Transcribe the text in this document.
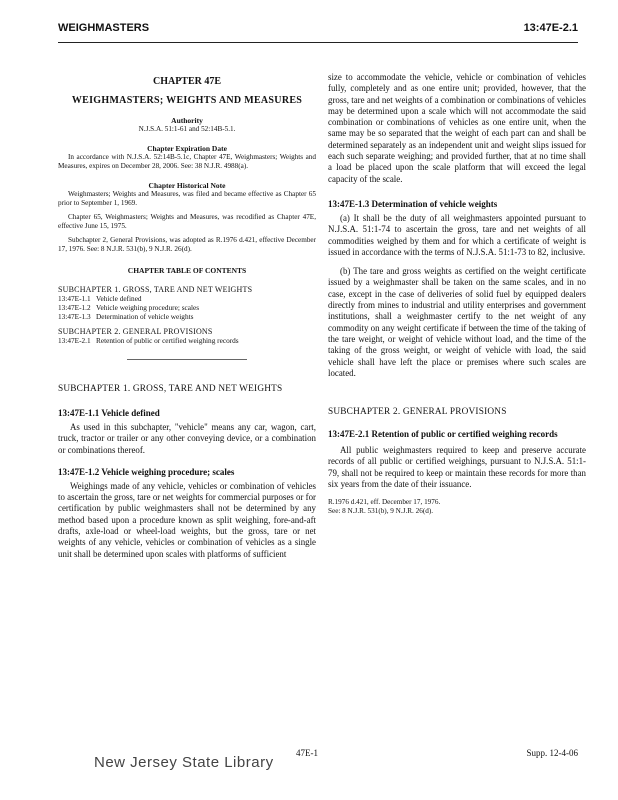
WEIGHMASTERS	13:47E-2.1
CHAPTER 47E
WEIGHMASTERS; WEIGHTS AND MEASURES
Authority
N.J.S.A. 51:1-61 and 52:14B-5.1.
Chapter Expiration Date
In accordance with N.J.S.A. 52:14B-5.1c, Chapter 47E, Weighmasters; Weights and Measures, expires on December 28, 2006. See: 38 N.J.R. 4988(a).
Chapter Historical Note
Weighmasters; Weights and Measures, was filed and became effective as Chapter 65 prior to September 1, 1969.
Chapter 65, Weighmasters; Weights and Measures, was recodified as Chapter 47E, effective June 15, 1975.
Subchapter 2, General Provisions, was adopted as R.1976 d.421, effective December 17, 1976. See: 8 N.J.R. 531(b), 9 N.J.R. 26(d).
CHAPTER TABLE OF CONTENTS
SUBCHAPTER 1. GROSS, TARE AND NET WEIGHTS
13:47E-1.1 Vehicle defined
13:47E-1.2 Vehicle weighing procedure; scales
13:47E-1.3 Determination of vehicle weights
SUBCHAPTER 2. GENERAL PROVISIONS
13:47E-2.1 Retention of public or certified weighing records
SUBCHAPTER 1. GROSS, TARE AND NET WEIGHTS
13:47E-1.1 Vehicle defined
As used in this subchapter, "vehicle" means any car, wagon, cart, truck, tractor or trailer or any other conveying device, or a combination or combinations thereof.
13:47E-1.2 Vehicle weighing procedure; scales
Weighings made of any vehicle, vehicles or combination of vehicles to ascertain the gross, tare or net weights for commercial purposes or for certification by public weighmasters shall not be determined by any method based upon a procedure known as split weighing, fore-and-aft drafts, axle-load or wheel-load weights, but the gross, tare or net weights of any vehicle, vehicles or combination of vehicles as a single unit shall be determined upon scales with platforms of sufficient
size to accommodate the vehicle, vehicle or combination of vehicles fully, completely and as one entire unit; provided, however, that the gross, tare and net weights of a combination or combinations of vehicles may be determined upon a scale which will not accommodate the said combination or combinations of vehicles as one entire unit, when the same may be so separated that the weight of each part can and shall be determined separately as an independent unit and weight slips issued for each such separate weighing; and provided further, that at no time shall a load be placed upon the scale platform that will exceed the legal capacity of the scale.
13:47E-1.3 Determination of vehicle weights
(a) It shall be the duty of all weighmasters appointed pursuant to N.J.S.A. 51:1-74 to ascertain the gross, tare and net weights of all commodities weighed by them and for which a certificate of weight is issued in accordance with the terms of N.J.S.A. 51:1-73 to 82, inclusive.
(b) The tare and gross weights as certified on the weight certificate issued by a weighmaster shall be taken on the same scales, and in no case, except in the case of deliveries of solid fuel by equipped dealers directly from mines to industrial and utility enterprises and government institutions, shall a weighmaster certify to the net weight of any commodity on any weight certificate if between the time of the taking of the tare weight, or weight of vehicle without load, and the time of the taking of the gross weight, or weight of vehicle with load, the said vehicle shall have left the place or premises where such scales are located.
SUBCHAPTER 2. GENERAL PROVISIONS
13:47E-2.1 Retention of public or certified weighing records
All public weighmasters required to keep and preserve accurate records of all public or certified weighings, pursuant to N.J.S.A. 51:1-79, shall not be required to keep or maintain these records for more than six years from the date of their issuance.
R.1976 d.421, eff. December 17, 1976.
See: 8 N.J.R. 531(b), 9 N.J.R. 26(d).
47E-1	Supp. 12-4-06
New Jersey State Library
